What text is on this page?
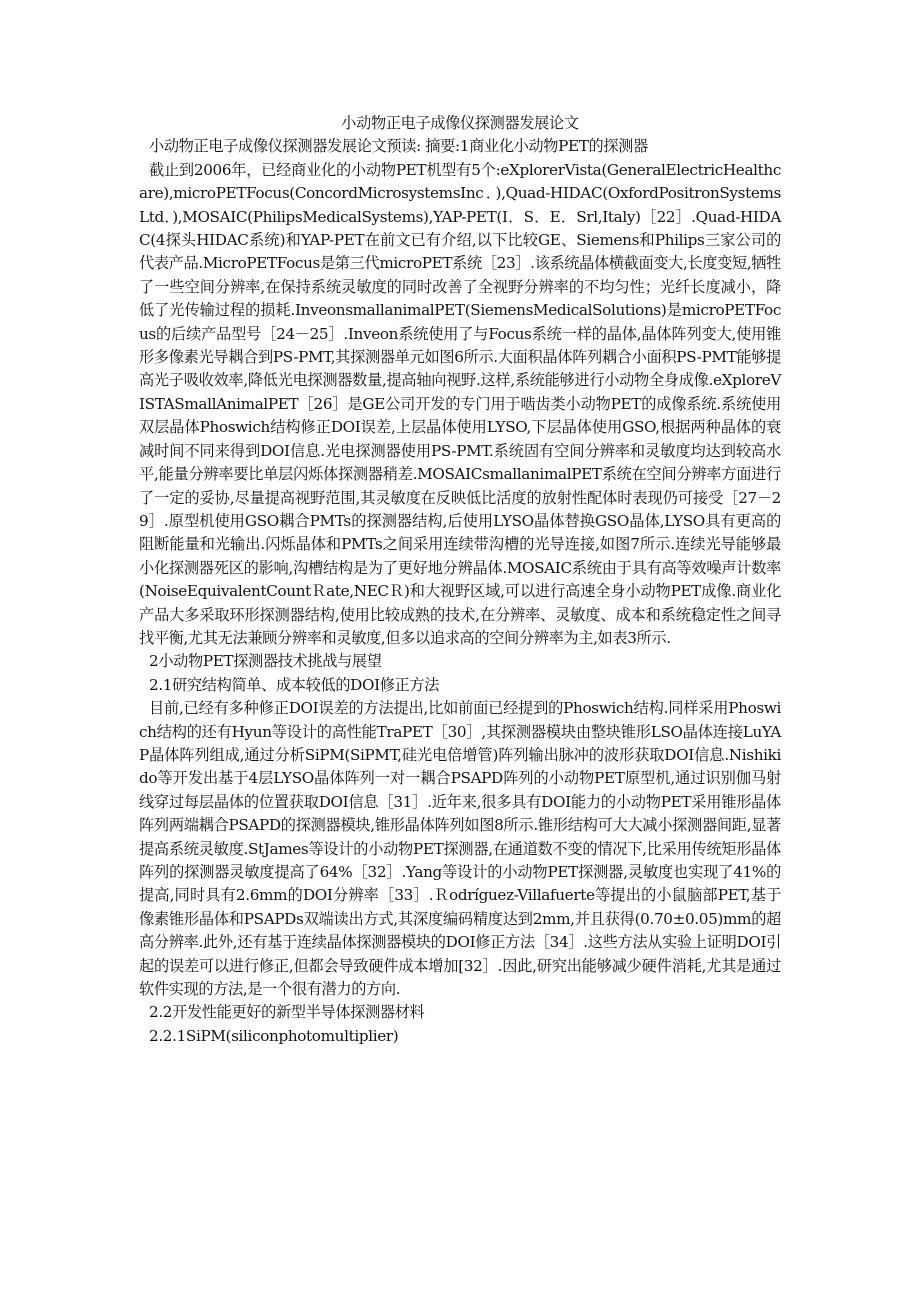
小动物正电子成像仪探测器发展论文

小动物正电子成像仪探测器发展论文预读: 摘要:1商业化小动物PET的探测器

截止到2006年，已经商业化的小动物PET机型有5个:eXplorerVista(GeneralElectricHealthcare),microPETFocus(ConcordMicrosystemsInc．),Quad-HIDAC(OxfordPositronSystemsLtd．),MOSAIC(PhilipsMedicalSystems),YAP-PET(I．S．E．Srl,Italy)［22］.Quad-HIDAC(4探头HIDAC系统)和YAP-PET在前文已有介绍,以下比较GE、Siemens和Philips三家公司的代表产品.MicroPETFocus是第三代microPET系统［23］.该系统晶体横截面变大,长度变短,牺牲了一些空间分辨率,在保持系统灵敏度的同时改善了全视野分辨率的不均匀性；光纤长度减小，降低了光传输过程的损耗.InveonsmallanimalPET(SiemensMedicalSolutions)是microPETFocus的后续产品型号［24－25］.Inveon系统使用了与Focus系统一样的晶体,晶体阵列变大,使用锥形多像素光导耦合到PS-PMT,其探测器单元如图6所示.大面积晶体阵列耦合小面积PS-PMT能够提高光子吸收效率,降低光电探测器数量,提高轴向视野.这样,系统能够进行小动物全身成像.eXploreVISTASmallAnimalPET［26］是GE公司开发的专门用于啮齿类小动物PET的成像系统.系统使用双层晶体Phoswich结构修正DOI误差,上层晶体使用LYSO,下层晶体使用GSO,根据两种晶体的衰减时间不同来得到DOI信息.光电探测器使用PS-PMT.系统固有空间分辨率和灵敏度均达到较高水平,能量分辨率要比单层闪烁体探测器稍差.MOSAICsmallanimalPET系统在空间分辨率方面进行了一定的妥协,尽量提高视野范围,其灵敏度在反映低比活度的放射性配体时表现仍可接受［27－29］.原型机使用GSO耦合PMTs的探测器结构,后使用LYSO晶体替换GSO晶体,LYSO具有更高的阻断能量和光输出.闪烁晶体和PMTs之间采用连续带沟槽的光导连接,如图7所示.连续光导能够最小化探测器死区的影响,沟槽结构是为了更好地分辨晶体.MOSAIC系统由于具有高等效噪声计数率(NoiseEquivalentCountＲate,NECＲ)和大视野区域,可以进行高速全身小动物PET成像.商业化产品大多采取环形探测器结构,使用比较成熟的技术,在分辨率、灵敏度、成本和系统稳定性之间寻找平衡,尤其无法兼顾分辨率和灵敏度,但多以追求高的空间分辨率为主,如表3所示.

2小动物PET探测器技术挑战与展望

2.1研究结构简单、成本较低的DOI修正方法

目前,已经有多种修正DOI误差的方法提出,比如前面已经提到的Phoswich结构.同样采用Phoswich结构的还有Hyun等设计的高性能TraPET［30］,其探测器模块由整块锥形LSO晶体连接LuYAP晶体阵列组成,通过分析SiPM(SiPMT,硅光电倍增管)阵列输出脉冲的波形获取DOI信息.Nishikido等开发出基于4层LYSO晶体阵列一对一耦合PSAPD阵列的小动物PET原型机,通过识别伽马射线穿过每层晶体的位置获取DOI信息［31］.近年来,很多具有DOI能力的小动物PET采用锥形晶体阵列两端耦合PSAPD的探测器模块,锥形晶体阵列如图8所示.锥形结构可大大减小探测器间距,显著提高系统灵敏度.StJames等设计的小动物PET探测器,在通道数不变的情况下,比采用传统矩形晶体阵列的探测器灵敏度提高了64%［32］.Yang等设计的小动物PET探测器,灵敏度也实现了41%的提高,同时具有2.6mm的DOI分辨率［33］.Ｒodríguez-Villafuerte等提出的小鼠脑部PET,基于像素锥形晶体和PSAPDs双端读出方式,其深度编码精度达到2mm,并且获得(0.70±0.05)mm的超高分辨率.此外,还有基于连续晶体探测器模块的DOI修正方法［34］.这些方法从实验上证明DOI引起的误差可以进行修正,但都会导致硬件成本增加[32］.因此,研究出能够减少硬件消耗,尤其是通过软件实现的方法,是一个很有潜力的方向.

2.2开发性能更好的新型半导体探测器材料

2.2.1SiPM(siliconphotomultiplier)
